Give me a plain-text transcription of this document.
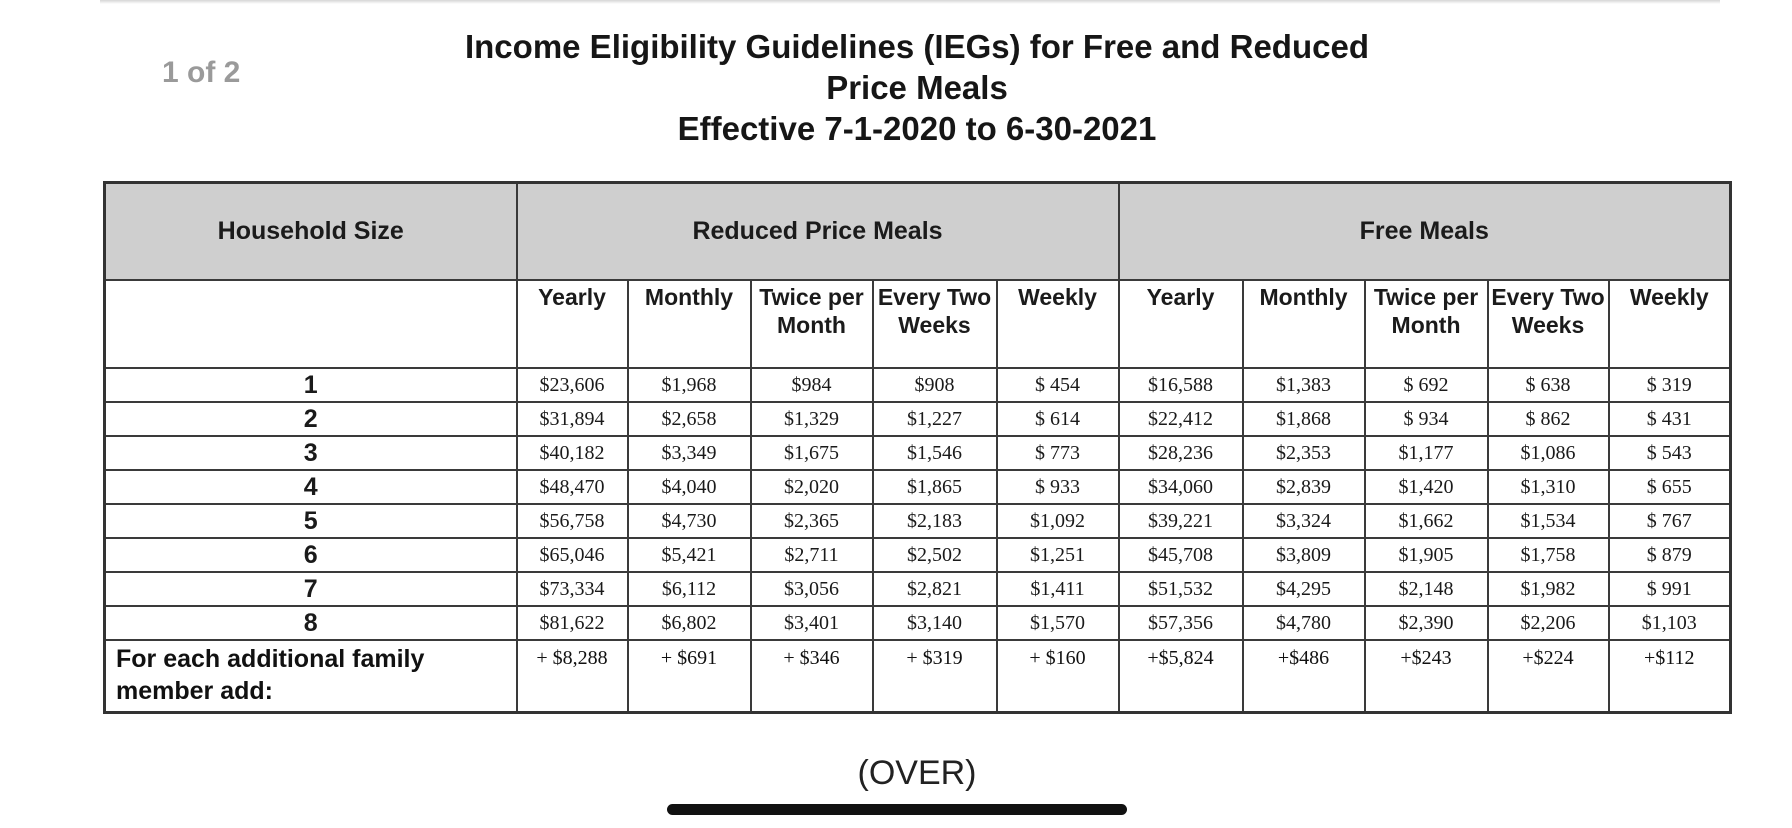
1 of 2
Income Eligibility Guidelines (IEGs) for Free and Reduced
Price Meals
Effective 7-1-2020 to 6-30-2021
Household Size	Reduced Price Meals					Free Meals				
	Yearly	Monthly	Twice per Month	Every Two Weeks	Weekly	Yearly	Monthly	Twice per Month	Every Two Weeks	Weekly
1	$23,606	$1,968	$984	$908	$ 454	$16,588	$1,383	$ 692	$ 638	$ 319
2	$31,894	$2,658	$1,329	$1,227	$ 614	$22,412	$1,868	$ 934	$ 862	$ 431
3	$40,182	$3,349	$1,675	$1,546	$ 773	$28,236	$2,353	$1,177	$1,086	$ 543
4	$48,470	$4,040	$2,020	$1,865	$ 933	$34,060	$2,839	$1,420	$1,310	$ 655
5	$56,758	$4,730	$2,365	$2,183	$1,092	$39,221	$3,324	$1,662	$1,534	$ 767
6	$65,046	$5,421	$2,711	$2,502	$1,251	$45,708	$3,809	$1,905	$1,758	$ 879
7	$73,334	$6,112	$3,056	$2,821	$1,411	$51,532	$4,295	$2,148	$1,982	$ 991
8	$81,622	$6,802	$3,401	$3,140	$1,570	$57,356	$4,780	$2,390	$2,206	$1,103
For each additional family member add:	+ $8,288	+ $691	+ $346	+ $319	+ $160	+$5,824	+$486	+$243	+$224	+$112
(OVER)
